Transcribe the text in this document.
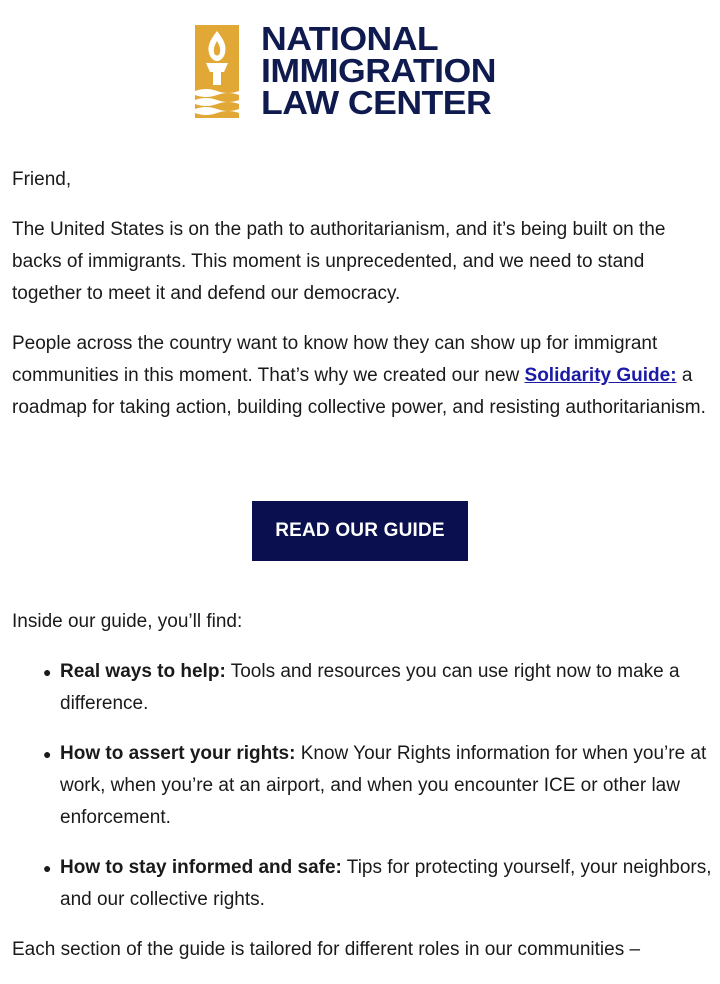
NATIONAL
IMMIGRATION
LAW CENTER

Friend,

The United States is on the path to authoritarianism, and it’s being built on the backs of immigrants. This moment is unprecedented, and we need to stand together to meet it and defend our democracy.

People across the country want to know how they can show up for immigrant communities in this moment. That’s why we created our new Solidarity Guide: a roadmap for taking action, building collective power, and resisting authoritarianism.

READ OUR GUIDE

Inside our guide, you’ll find:

● Real ways to help: Tools and resources you can use right now to make a difference.
● How to assert your rights: Know Your Rights information for when you’re at work, when you’re at an airport, and when you encounter ICE or other law enforcement.
● How to stay informed and safe: Tips for protecting yourself, your neighbors, and our collective rights.

Each section of the guide is tailored for different roles in our communities –
